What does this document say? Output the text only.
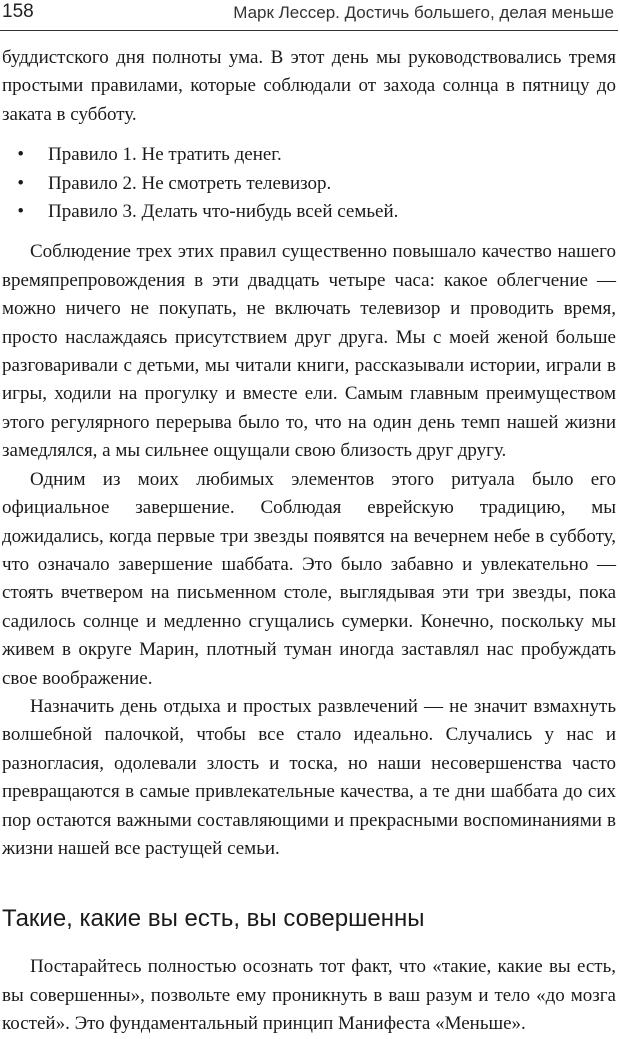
158	Марк Лессер. Достичь большего, делая меньше

буддистского дня полноты ума. В этот день мы руководствовались тремя простыми правилами, которые соблюдали от захода солнца в пятницу до заката в субботу.

• Правило 1. Не тратить денег.
• Правило 2. Не смотреть телевизор.
• Правило 3. Делать что-нибудь всей семьей.

Соблюдение трех этих правил существенно повышало качество нашего времяпрепровождения в эти двадцать четыре часа: какое облегчение — можно ничего не покупать, не включать телевизор и проводить время, просто наслаждаясь присутствием друг друга. Мы с моей женой больше разговаривали с детьми, мы читали книги, рассказывали истории, играли в игры, ходили на прогулку и вместе ели. Самым главным преимуществом этого регулярного перерыва было то, что на один день темп нашей жизни замедлялся, а мы сильнее ощущали свою близость друг другу.

Одним из моих любимых элементов этого ритуала было его официальное завершение. Соблюдая еврейскую традицию, мы дожидались, когда первые три звезды появятся на вечернем небе в субботу, что означало завершение шаббата. Это было забавно и увлекательно — стоять вчетвером на письменном столе, выглядывая эти три звезды, пока садилось солнце и медленно сгущались сумерки. Конечно, поскольку мы живем в округе Марин, плотный туман иногда заставлял нас пробуждать свое воображение.

Назначить день отдыха и простых развлечений — не значит взмахнуть волшебной палочкой, чтобы все стало идеально. Случались у нас и разногласия, одолевали злость и тоска, но наши несовершенства часто превращаются в самые привлекательные качества, а те дни шаббата до сих пор остаются важными составляющими и прекрасными воспоминаниями в жизни нашей все растущей семьи.

Такие, какие вы есть, вы совершенны

Постарайтесь полностью осознать тот факт, что «такие, какие вы есть, вы совершенны», позвольте ему проникнуть в ваш разум и тело «до мозга костей». Это фундаментальный принцип Манифеста «Меньше».
